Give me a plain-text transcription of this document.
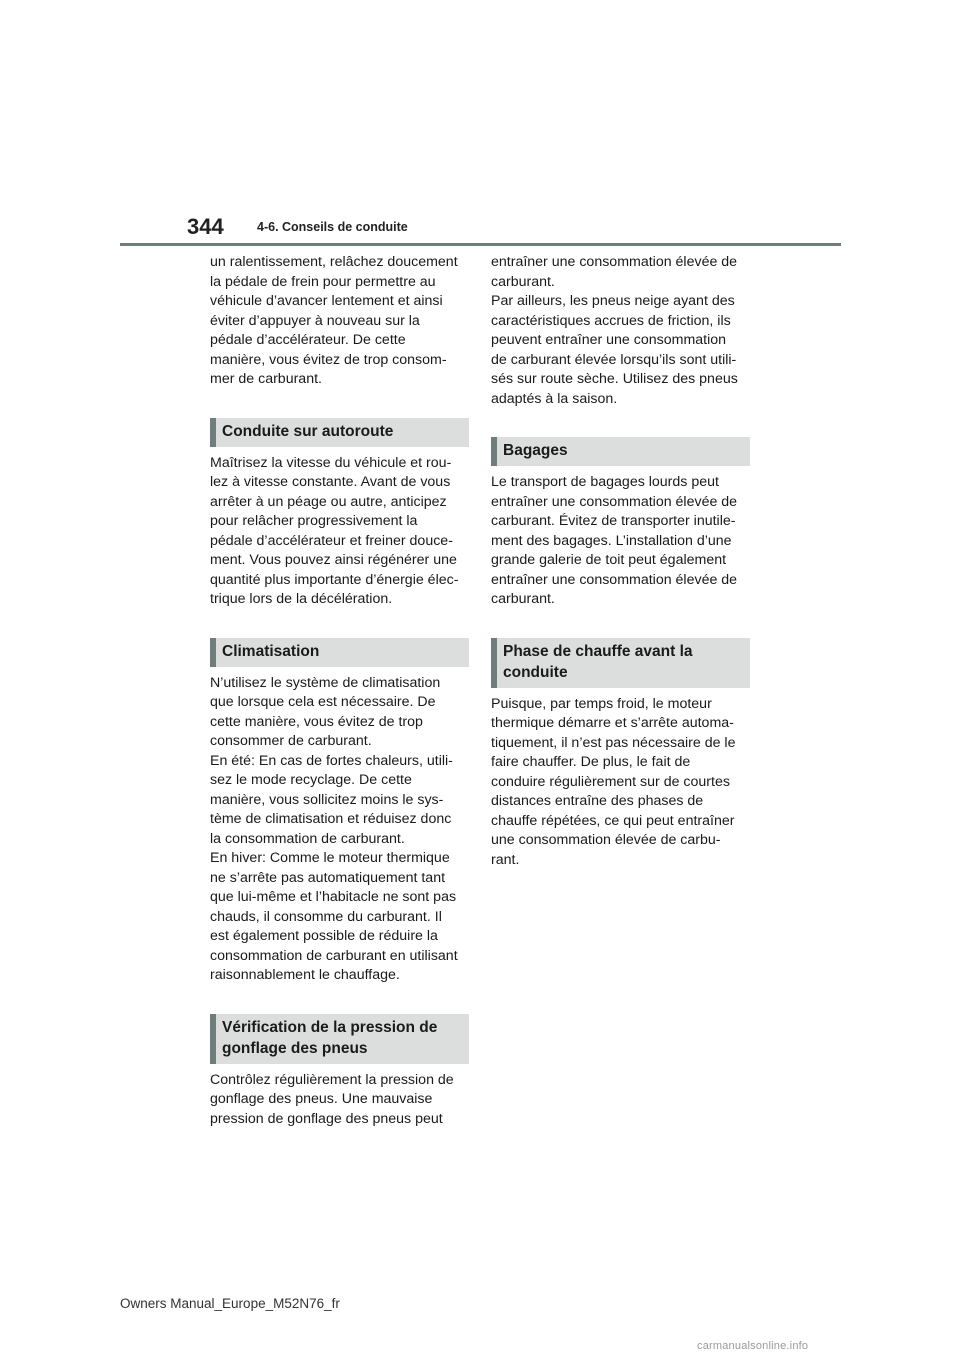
344	4-6. Conseils de conduite

un ralentissement, relâchez doucement
la pédale de frein pour permettre au
véhicule d’avancer lentement et ainsi
éviter d’appuyer à nouveau sur la
pédale d’accélérateur. De cette
manière, vous évitez de trop consom-
mer de carburant.

Conduite sur autoroute

Maîtrisez la vitesse du véhicule et rou-
lez à vitesse constante. Avant de vous
arrêter à un péage ou autre, anticipez
pour relâcher progressivement la
pédale d’accélérateur et freiner douce-
ment. Vous pouvez ainsi régénérer une
quantité plus importante d’énergie élec-
trique lors de la décélération.

Climatisation

N’utilisez le système de climatisation
que lorsque cela est nécessaire. De
cette manière, vous évitez de trop
consommer de carburant.
En été: En cas de fortes chaleurs, utili-
sez le mode recyclage. De cette
manière, vous sollicitez moins le sys-
tème de climatisation et réduisez donc
la consommation de carburant.
En hiver: Comme le moteur thermique
ne s’arrête pas automatiquement tant
que lui-même et l’habitacle ne sont pas
chauds, il consomme du carburant. Il
est également possible de réduire la
consommation de carburant en utilisant
raisonnablement le chauffage.

Vérification de la pression de
gonflage des pneus

Contrôlez régulièrement la pression de
gonflage des pneus. Une mauvaise
pression de gonflage des pneus peut

entraîner une consommation élevée de
carburant.
Par ailleurs, les pneus neige ayant des
caractéristiques accrues de friction, ils
peuvent entraîner une consommation
de carburant élevée lorsqu’ils sont utili-
sés sur route sèche. Utilisez des pneus
adaptés à la saison.

Bagages

Le transport de bagages lourds peut
entraîner une consommation élevée de
carburant. Évitez de transporter inutile-
ment des bagages. L’installation d’une
grande galerie de toit peut également
entraîner une consommation élevée de
carburant.

Phase de chauffe avant la
conduite

Puisque, par temps froid, le moteur
thermique démarre et s’arrête automa-
tiquement, il n’est pas nécessaire de le
faire chauffer. De plus, le fait de
conduire régulièrement sur de courtes
distances entraîne des phases de
chauffe répétées, ce qui peut entraîner
une consommation élevée de carbu-
rant.

Owners Manual_Europe_M52N76_fr
carmanualsonline.info
